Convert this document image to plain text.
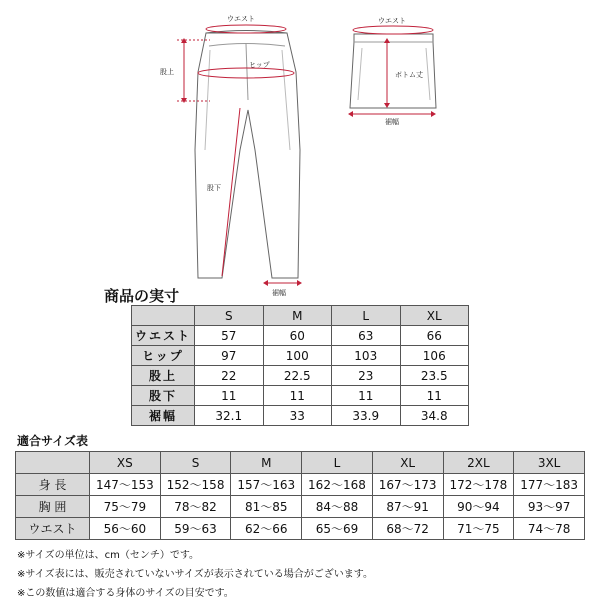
ウエスト
ヒップ
股上
股下
裾幅
ウエスト
ボトム丈
裾幅
商品の実寸
	S	M	L	XL
ウエスト	57	60	63	66
ヒップ	97	100	103	106
股上	22	22.5	23	23.5
股下	11	11	11	11
裾幅	32.1	33	33.9	34.8
適合サイズ表
	XS	S	M	L	XL	2XL	3XL
身 長	147〜153	152〜158	157〜163	162〜168	167〜173	172〜178	177〜183
胸 囲	75〜79	78〜82	81〜85	84〜88	87〜91	90〜94	93〜97
ウエスト	56〜60	59〜63	62〜66	65〜69	68〜72	71〜75	74〜78
※サイズの単位は、cm（センチ）です。
※サイズ表には、販売されていないサイズが表示されている場合がございます。
※この数値は適合する身体のサイズの目安です。
